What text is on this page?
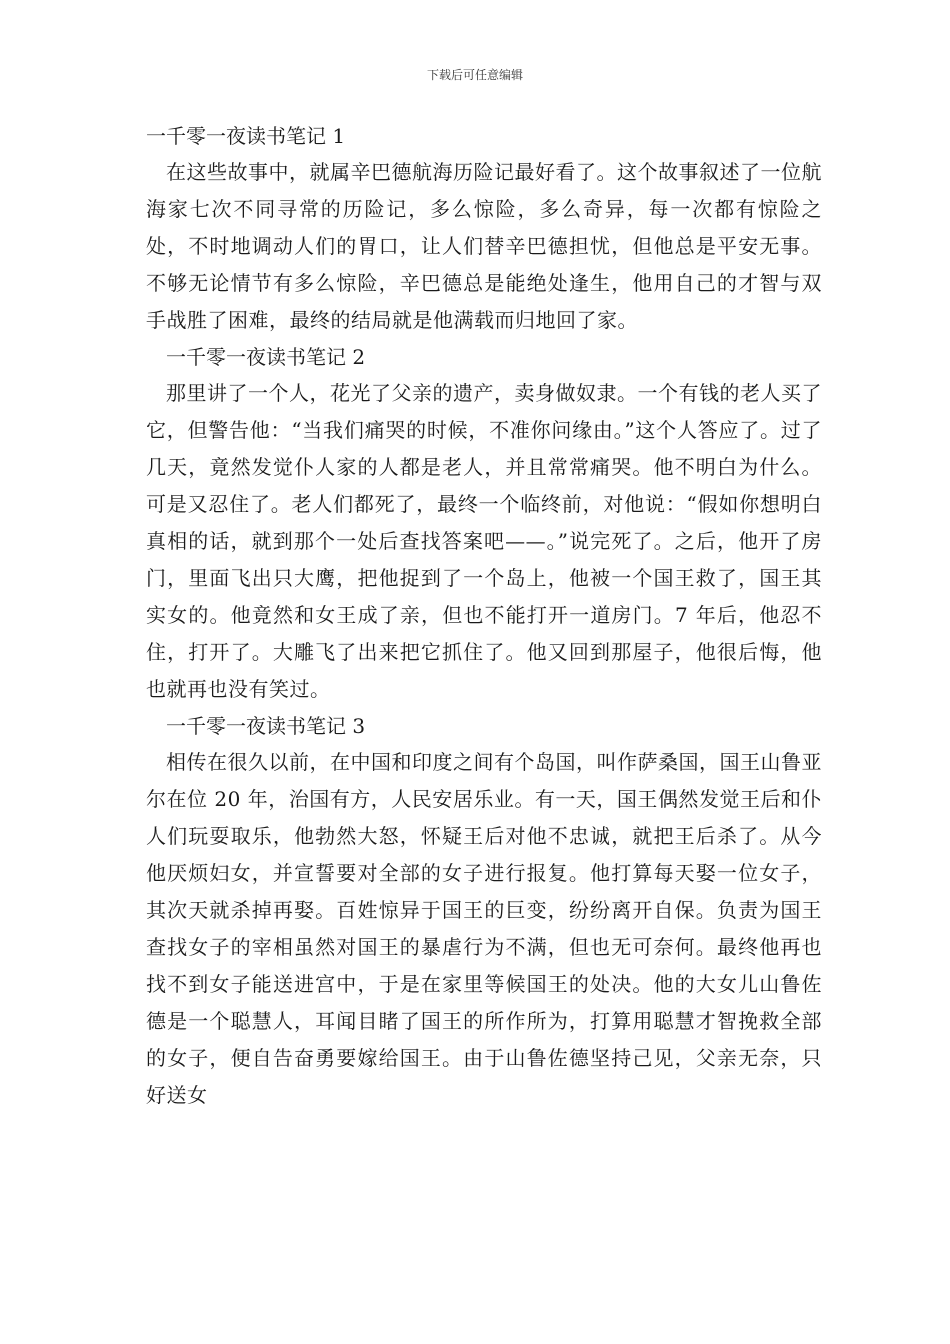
下载后可任意编辑

一千零一夜读书笔记 1

在这些故事中，就属辛巴德航海历险记最好看了。这个故事叙述了一位航海家七次不同寻常的历险记，多么惊险，多么奇异，每一次都有惊险之处，不时地调动人们的胃口，让人们替辛巴德担忧，但他总是平安无事。不够无论情节有多么惊险，辛巴德总是能绝处逢生，他用自己的才智与双手战胜了困难，最终的结局就是他满载而归地回了家。

一千零一夜读书笔记 2

那里讲了一个人，花光了父亲的遗产，卖身做奴隶。一个有钱的老人买了它，但警告他：“当我们痛哭的时候，不准你问缘由。”这个人答应了。过了几天，竟然发觉仆人家的人都是老人，并且常常痛哭。他不明白为什么。可是又忍住了。老人们都死了，最终一个临终前，对他说：“假如你想明白真相的话，就到那个一处后查找答案吧——。”说完死了。之后，他开了房门，里面飞出只大鹰，把他捉到了一个岛上，他被一个国王救了，国王其实女的。他竟然和女王成了亲，但也不能打开一道房门。7 年后，他忍不住，打开了。大雕飞了出来把它抓住了。他又回到那屋子，他很后悔，他也就再也没有笑过。

一千零一夜读书笔记 3

相传在很久以前，在中国和印度之间有个岛国，叫作萨桑国，国王山鲁亚尔在位 20 年，治国有方，人民安居乐业。有一天，国王偶然发觉王后和仆人们玩耍取乐，他勃然大怒，怀疑王后对他不忠诚，就把王后杀了。从今他厌烦妇女，并宣誓要对全部的女子进行报复。他打算每天娶一位女子，其次天就杀掉再娶。百姓惊异于国王的巨变，纷纷离开自保。负责为国王查找女子的宰相虽然对国王的暴虐行为不满，但也无可奈何。最终他再也找不到女子能送进宫中，于是在家里等候国王的处决。他的大女儿山鲁佐德是一个聪慧人，耳闻目睹了国王的所作所为，打算用聪慧才智挽救全部的女子，便自告奋勇要嫁给国王。由于山鲁佐德坚持己见，父亲无奈，只好送女
